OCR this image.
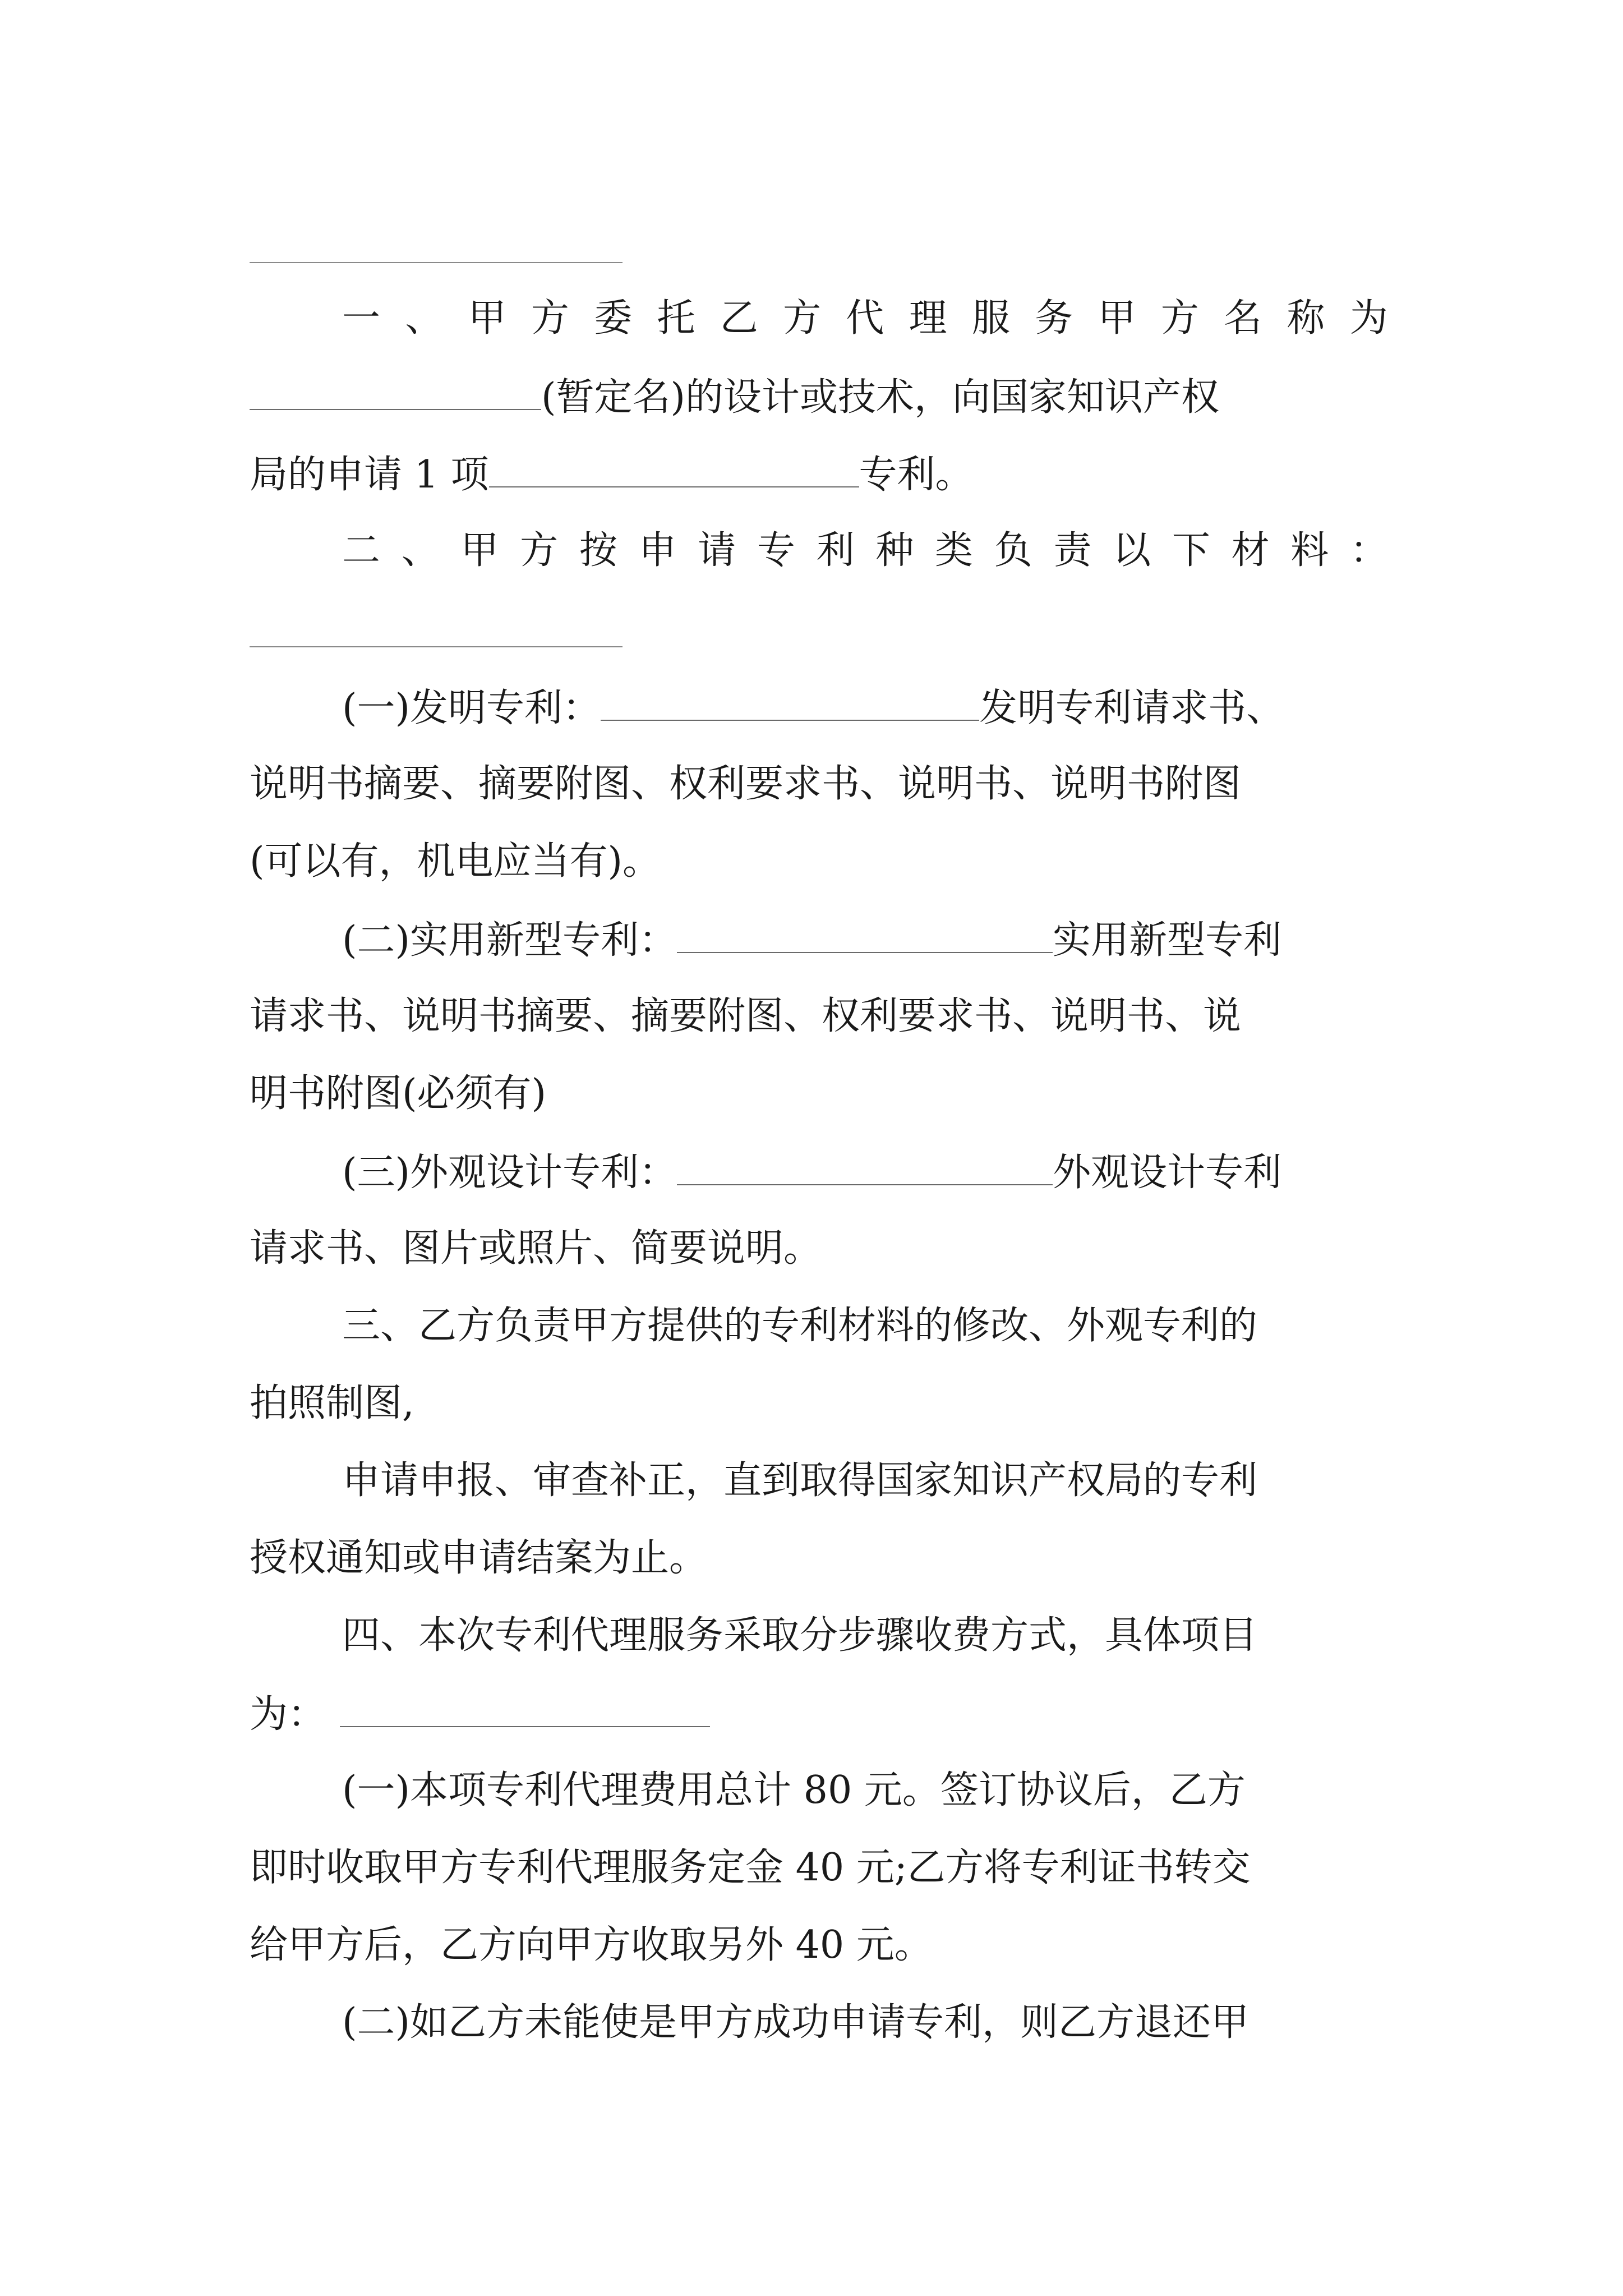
一 、 甲 方 委 托 乙 方 代 理 服 务 甲 方 名 称 为
(暂定名)的设计或技术，向国家知识产权
局的申请 1 项	专利。
二 、 甲 方 按 申 请 专 利 种 类 负 责 以 下 材 料 ：
(一)发明专利：	发明专利请求书、
说明书摘要、摘要附图、权利要求书、说明书、说明书附图
(可以有，机电应当有)。
(二)实用新型专利：	实用新型专利
请求书、说明书摘要、摘要附图、权利要求书、说明书、说
明书附图(必须有)
(三)外观设计专利：	外观设计专利
请求书、图片或照片、简要说明。
三、乙方负责甲方提供的专利材料的修改、外观专利的
拍照制图,
申请申报、审查补正，直到取得国家知识产权局的专利
授权通知或申请结案为止。
四、本次专利代理服务采取分步骤收费方式，具体项目
为：
(一)本项专利代理费用总计 80 元。签订协议后，乙方
即时收取甲方专利代理服务定金 40 元;乙方将专利证书转交
给甲方后，乙方向甲方收取另外 40 元。
(二)如乙方未能使是甲方成功申请专利，则乙方退还甲
